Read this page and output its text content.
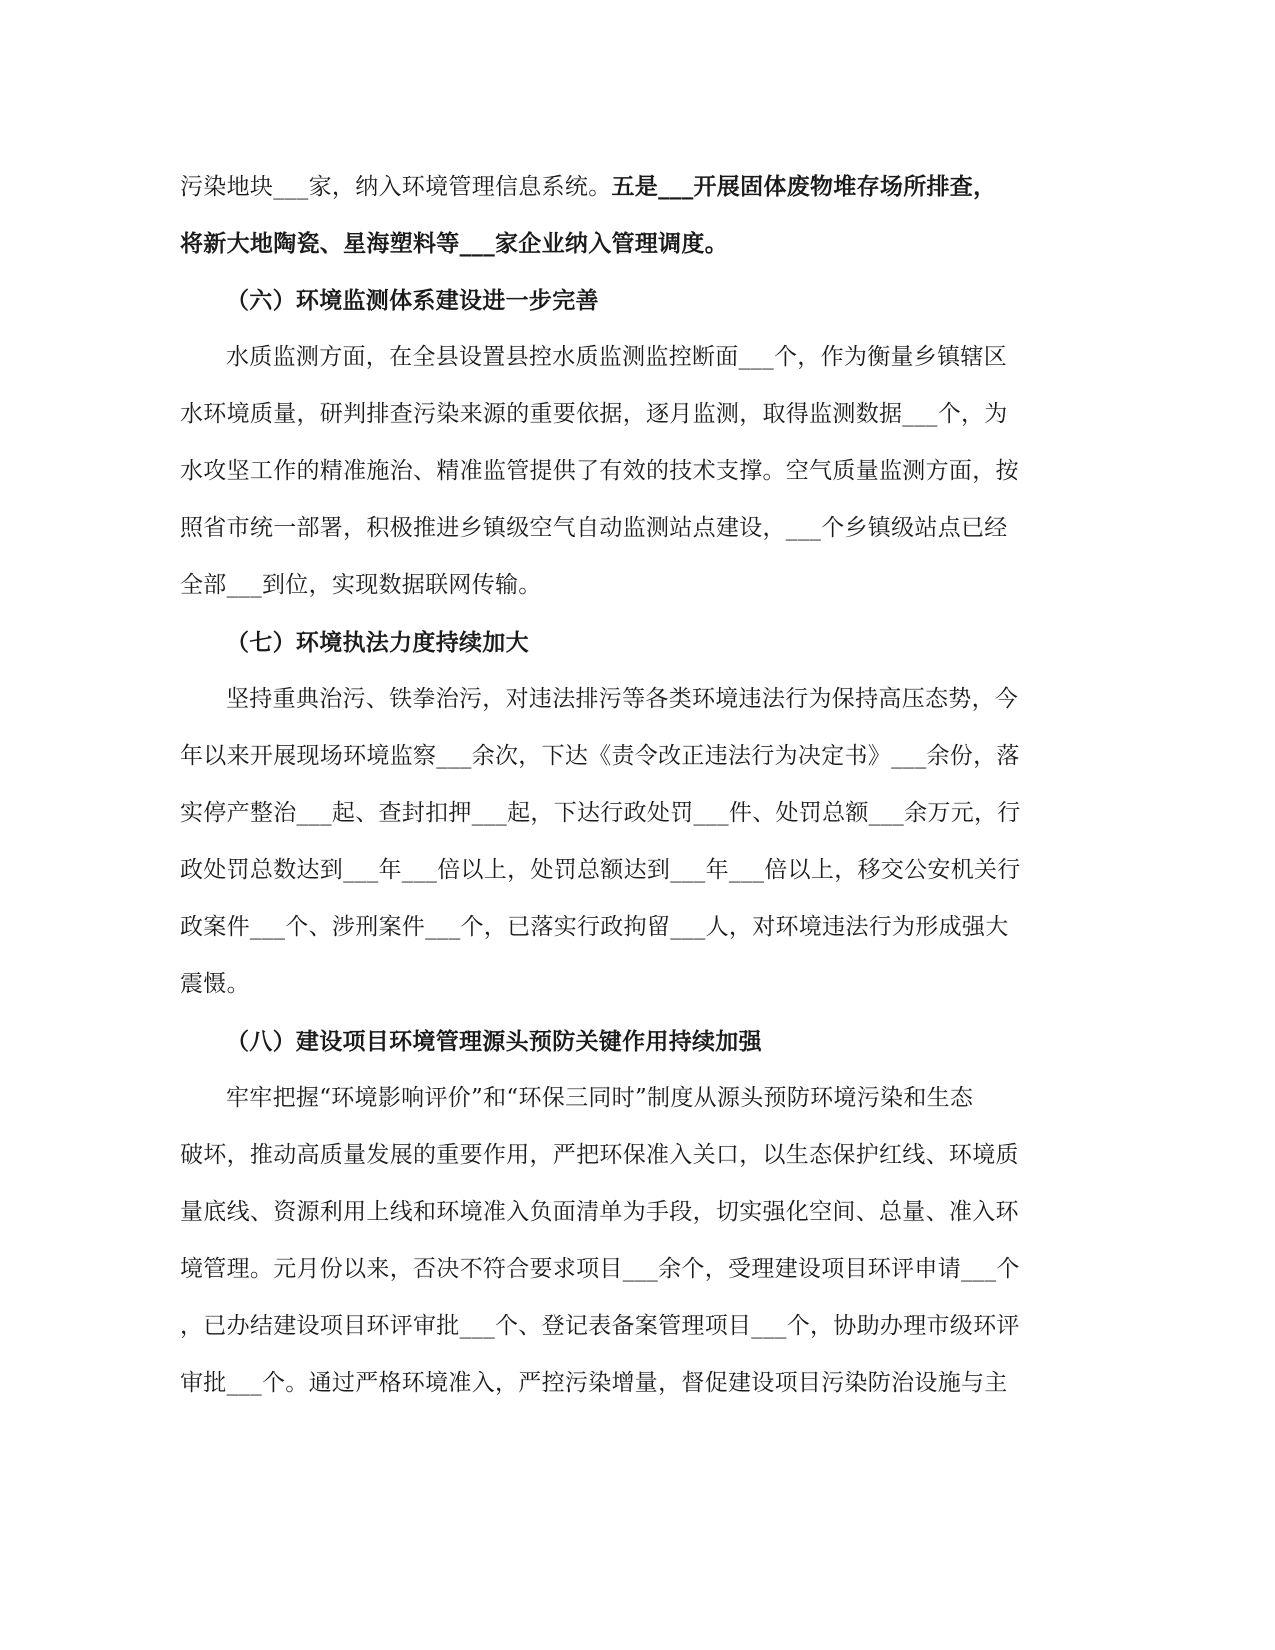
污染地块___家，纳入环境管理信息系统。五是___开展固体废物堆存场所排查，
将新大地陶瓷、星海塑料等___家企业纳入管理调度。
（六）环境监测体系建设进一步完善
水质监测方面，在全县设置县控水质监测监控断面___个，作为衡量乡镇辖区
水环境质量，研判排查污染来源的重要依据，逐月监测，取得监测数据___个，为
水攻坚工作的精准施治、精准监管提供了有效的技术支撑。空气质量监测方面，按
照省市统一部署，积极推进乡镇级空气自动监测站点建设，___个乡镇级站点已经
全部___到位，实现数据联网传输。
（七）环境执法力度持续加大
坚持重典治污、铁拳治污，对违法排污等各类环境违法行为保持高压态势，今
年以来开展现场环境监察___余次，下达《责令改正违法行为决定书》___余份，落
实停产整治___起、查封扣押___起，下达行政处罚___件、处罚总额___余万元，行
政处罚总数达到___年___倍以上，处罚总额达到___年___倍以上，移交公安机关行
政案件___个、涉刑案件___个，已落实行政拘留___人，对环境违法行为形成强大
震慑。
（八）建设项目环境管理源头预防关键作用持续加强
牢牢把握“环境影响评价”和“环保三同时”制度从源头预防环境污染和生态
破坏，推动高质量发展的重要作用，严把环保准入关口，以生态保护红线、环境质
量底线、资源利用上线和环境准入负面清单为手段，切实强化空间、总量、准入环
境管理。元月份以来，否决不符合要求项目___余个，受理建设项目环评申请___个
，已办结建设项目环评审批___个、登记表备案管理项目___个，协助办理市级环评
审批___个。通过严格环境准入，严控污染增量，督促建设项目污染防治设施与主
